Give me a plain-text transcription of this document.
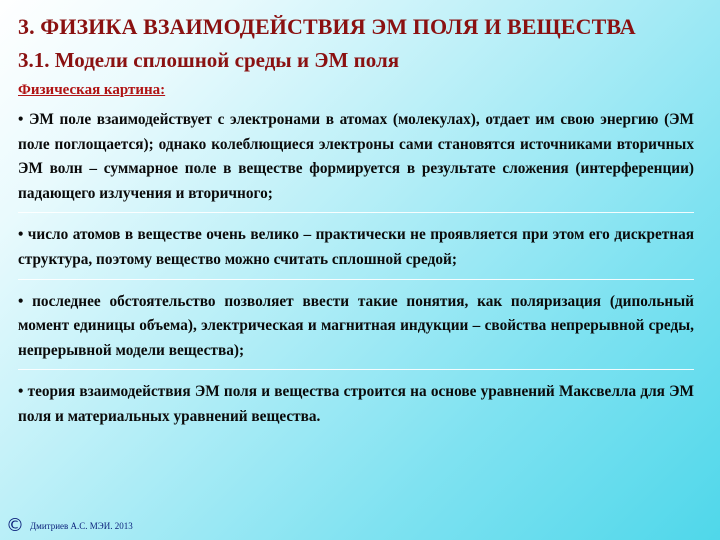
3. ФИЗИКА ВЗАИМОДЕЙСТВИЯ ЭМ ПОЛЯ И ВЕЩЕСТВА
3.1. Модели сплошной среды и ЭМ поля
Физическая картина:

• ЭМ поле взаимодействует с электронами в атомах (молекулах), отдает им свою энергию (ЭМ поле поглощается); однако колеблющиеся электроны сами становятся источниками вторичных ЭМ волн – суммарное поле в веществе формируется в результате сложения (интерференции) падающего излучения и вторичного;

• число атомов в веществе очень велико – практически не проявляется при этом его дискретная структура, поэтому вещество можно считать сплошной средой;

• последнее обстоятельство позволяет ввести такие понятия, как поляризация (дипольный момент единицы объема), электрическая и магнитная индукции – свойства непрерывной среды, непрерывной модели вещества);

• теория взаимодействия ЭМ поля и вещества строится на основе уравнений Максвелла для ЭМ поля и материальных уравнений вещества.

© Дмитриев А.С. МЭИ. 2013
